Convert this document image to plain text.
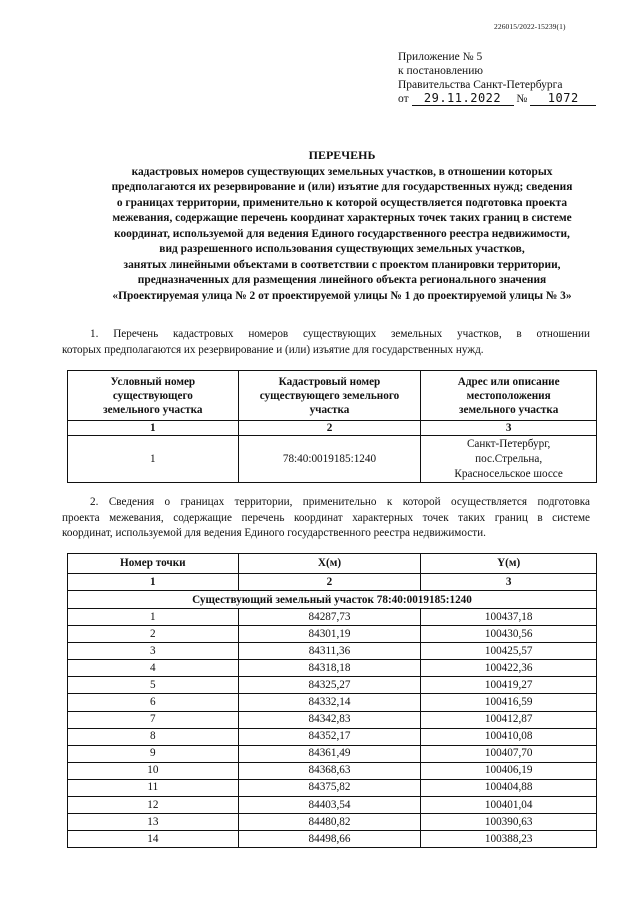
226015/2022-15239(1)
Приложение № 5
к постановлению
Правительства Санкт-Петербурга
от 29.11.2022 № 1072
ПЕРЕЧЕНЬ
кадастровых номеров существующих земельных участков, в отношении которых
предполагаются их резервирование и (или) изъятие для государственных нужд; сведения
о границах территории, применительно к которой осуществляется подготовка проекта
межевания, содержащие перечень координат характерных точек таких границ в системе
координат, используемой для ведения Единого государственного реестра недвижимости,
вид разрешенного использования существующих земельных участков,
занятых линейными объектами в соответствии с проектом планировки территории,
предназначенных для размещения линейного объекта регионального значения
«Проектируемая улица № 2 от проектируемой улицы № 1 до проектируемой улицы № 3»
1. Перечень кадастровых номеров существующих земельных участков, в отношении
которых предполагаются их резервирование и (или) изъятие для государственных нужд.
Условный номер
существующего
земельного участка	Кадастровый номер
существующего земельного
участка	Адрес или описание
местоположения
земельного участка
1	2	3
1	78:40:0019185:1240	Санкт-Петербург,
пос.Стрельна,
Красносельское шоссе
2. Сведения о границах территории, применительно к которой осуществляется подготовка
проекта межевания, содержащие перечень координат характерных точек таких границ в системе
координат, используемой для ведения Единого государственного реестра недвижимости.
Номер точки	X(м)	Y(м)
1	2	3
Существующий земельный участок 78:40:0019185:1240		
1	84287,73	100437,18
2	84301,19	100430,56
3	84311,36	100425,57
4	84318,18	100422,36
5	84325,27	100419,27
6	84332,14	100416,59
7	84342,83	100412,87
8	84352,17	100410,08
9	84361,49	100407,70
10	84368,63	100406,19
11	84375,82	100404,88
12	84403,54	100401,04
13	84480,82	100390,63
14	84498,66	100388,23
